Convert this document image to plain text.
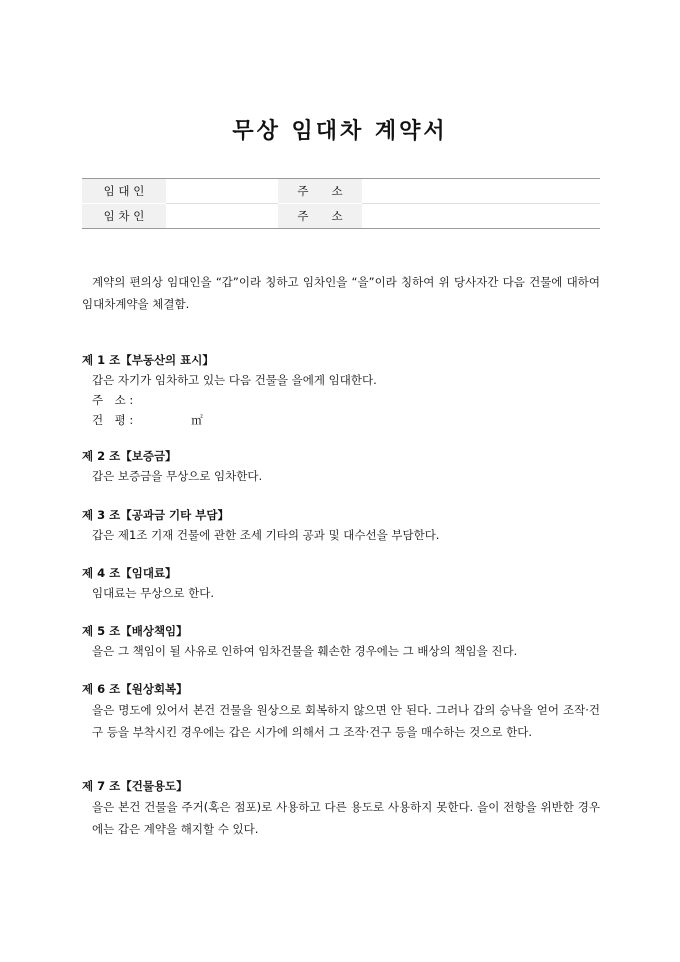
무상 임대차 계약서
임 대 인		주　　소	
임 차 인		주　　소	
계약의 편의상 임대인을 “갑”이라 칭하고 임차인을 “을”이라 칭하여 위 당사자간 다음 건물에 대하여 임대차계약을 체결함.
제 1 조【부동산의 표시】
갑은 자기가 임차하고 있는 다음 건물을 을에게 임대한다.
주　소 :
건　평 :	㎡
제 2 조【보증금】
갑은 보증금을 무상으로 임차한다.
제 3 조【공과금 기타 부담】
갑은 제1조 기재 건물에 관한 조세 기타의 공과 및 대수선을 부담한다.
제 4 조【임대료】
임대료는 무상으로 한다.
제 5 조【배상책임】
을은 그 책임이 될 사유로 인하여 임차건물을 훼손한 경우에는 그 배상의 책임을 진다.
제 6 조【원상회복】
을은 명도에 있어서 본건 건물을 원상으로 회복하지 않으면 안 된다. 그러나 갑의 승낙을 얻어 조작·건구 등을 부착시킨 경우에는 갑은 시가에 의해서 그 조작·건구 등을 매수하는 것으로 한다.
제 7 조【건물용도】
을은 본건 건물을 주거(혹은 점포)로 사용하고 다른 용도로 사용하지 못한다. 을이 전항을 위반한 경우에는 갑은 계약을 해지할 수 있다.
